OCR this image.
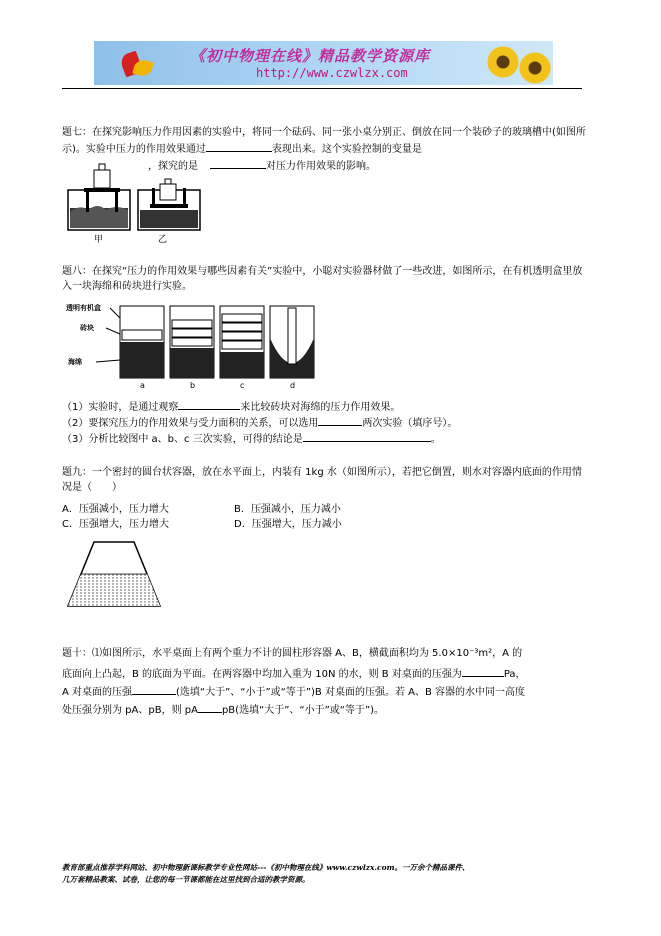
《初中物理在线》精品教学资源库
http://www.czwlzx.com
题七：在探究影响压力作用因素的实验中，将同一个砝码、同一张小桌分别正、倒放在同一个装砂子的玻璃槽中(如图所示)。实验中压力的作用效果通过	表现出来。这个实验控制的变量是
，探究的是	对压力作用效果的影响。
甲	乙
题八：在探究“压力的作用效果与哪些因素有关”实验中，小聪对实验器材做了一些改进，如图所示，在有机透明盒里放入一块海绵和砖块进行实验。
透明有机盒
砖块
海绵
a	b	c	d
（1）实验时，是通过观察	来比较砖块对海绵的压力作用效果。
（2）要探究压力的作用效果与受力面积的关系，可以选用	两次实验（填序号）。
（3）分析比较图中 a、b、c 三次实验，可得的结论是	。
题九：一个密封的圆台状容器，放在水平面上，内装有 1kg 水（如图所示），若把它倒置，则水对容器内底面的作用情况是（　　）
A．压强减小，压力增大	B．压强减小，压力减小
C．压强增大，压力增大	D．压强增大，压力减小
题十：⑴如图所示，水平桌面上有两个重力不计的圆柱形容器 A、B，横截面积均为 5.0×10⁻³m²，A 的
底面向上凸起，B 的底面为平面。在两容器中均加入重为 10N 的水，则 B 对桌面的压强为	Pa，
A 对桌面的压强	(选填“大于”、“小于”或“等于”)B 对桌面的压强。若 A、B 容器的水中同一高度
处压强分别为 pA、pB，则 pA pB(选填“大于”、“小于”或“等于”)。
教育部重点推荐学科网站、初中物理新课标教学专业性网站---《初中物理在线》www.czwlzx.com。一万余个精品课件、
几万套精品教案、试卷，让您的每一节课都能在这里找到合适的教学资源。
